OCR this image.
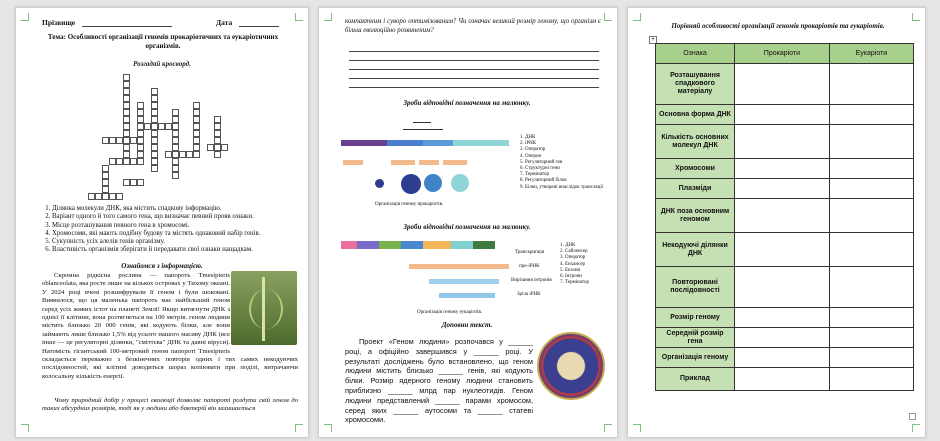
Прізвище	Дата
Тема: Особливості організації геномів прокаріотичних та еукаріотичних організмів.
Розгадай кросворд.
1. Ділянка молекули ДНК, яка містить спадкову інформацію.
2. Варіант одного й того самого гена, що визначає певний прояв ознаки.
3. Місце розташування певного гена в хромосомі.
4. Хромосоми, які мають подібну будову та містять однаковий набір генів.
5. Сукупність усіх алелів генів організму.
6. Властивість організмів зберігати й передавати свої ознаки нащадкам.
Ознайомся з інформацією.
Скромна рідкісна рослина — папороть Tmesipteris oblanceolata, яка росте лише на кількох островах у Тихому океані. У 2024 році вчені розшифрували її геном і були шоковані. Виявилося, що ця маленька папороть має найбільший геном серед усіх живих істот на планеті Землі! Якщо витягнути ДНК з однієї її клітини, вона розтягнеться на 100 метрів. геном людини містить близько 20 000 генів, які кодують білки, але вони займають лише близько 1,5% від усього нашого масиву ДНК (все інше — це регуляторні ділянки, "сміттєва" ДНК та давні віруси). Натомість гігантський 100-метровий геном папороті Tmesipteris складається переважно з безкінечних повторів одних і тих самих некодуючих послідовностей, які клітині доводиться шораз копіювати при поділі, витрачаючи колосальну кількість енергії.
Чому природний добір у процесі еволюції дозволяє папороті роздути свій геном до таких абсурдних розмірів, тоді як у людини або бактерій він залишається
компактним і суворо оптимізованим? Чи означає великий розмір геному, що організм є більш еволюційно розвиненим?
Зроби відповідні позначення на малюнку.
1. ДНК
2. іРНК
3. Оператор
4. Оперон
5. Регуляторний ген
6. Структурні гени
7. Термінатор
8. Регуляторний білок
9. Білки, утворені внаслідок трансляції
Організація геному прокаріотів.
Зроби відповідні позначення на малюнку.
Транскрипція
про-іРНК
Вирізання інтронів
Зріла іРНК
1. ДНК
2. Сайленсер
3. Оператор
4. Енхансер
5. Екзони
6. Інтрони
7. Термінатор
Організація геному еукаріотів.
Доповни текст.
Проект «Геном людини» розпочався у ______ році, а офіційно завершився у ______ році. У результаті досліджень було встановлено, що геном людини містить близько ______ генів, які кодують білки. Розмір ядерного геному людини становить приблизно ______ млрд пар нуклеотидів. Геном людини представлений ______ парами хромосом, серед яких ______ аутосоми та ______ статеві хромосоми.
Порівняй особливості організації геномів прокаріотів та еукаріотів.
+
Ознака	Прокаріоти	Еукаріоти
Розташування спадкового матеріалу		
Основна форма ДНК		
Кількість основних молекул ДНК		
Хромосоми		
Плазміди		
ДНК поза основним геномом		
Некодуючі ділянки ДНК		
Повторювані послідовності		
Розмір геному		
Середній розмір гена		
Організація геному		
Приклад		
